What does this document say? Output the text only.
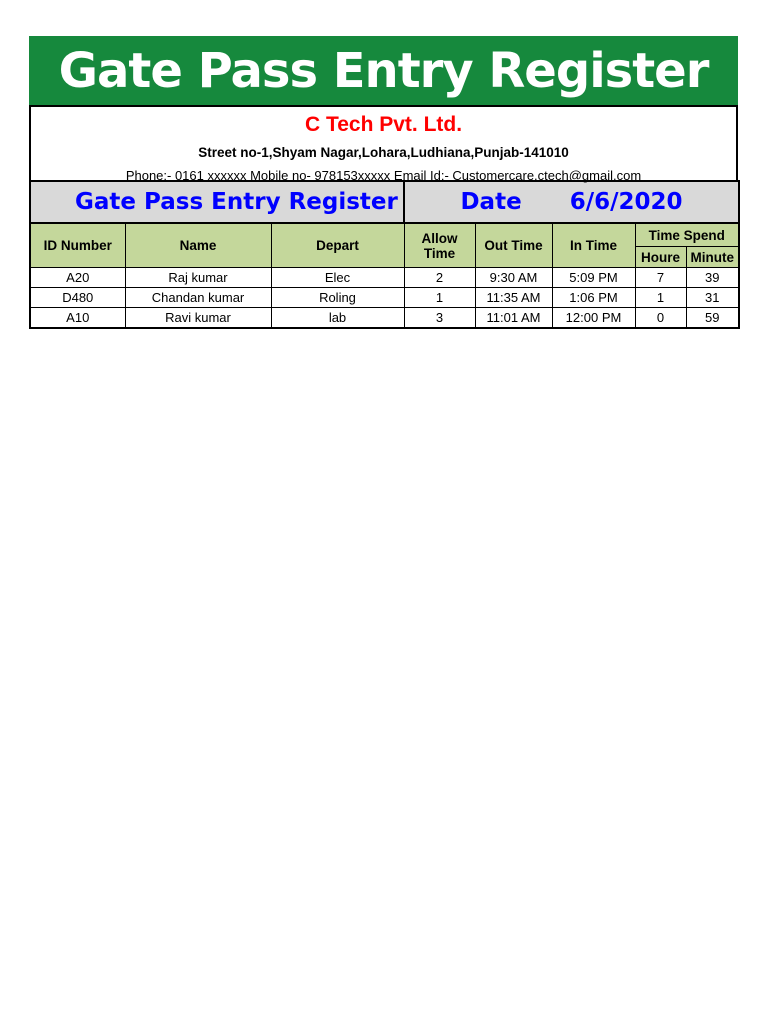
Gate Pass Entry Register
C Tech Pvt. Ltd.
Street no-1,Shyam Nagar,Lohara,Ludhiana,Punjab-141010
Phone:- 0161 xxxxxx Mobile no- 978153xxxxx Email Id:- Customercare.ctech@gmail.com
Gate Pass Entry Register			Date 6/6/2020				
ID Number	Name	Depart	Allow Time	Out Time	In Time	Time Spend	
						Houre	Minute
A20	Raj kumar	Elec	2	9:30 AM	5:09 PM	7	39
D480	Chandan kumar	Roling	1	11:35 AM	1:06 PM	1	31
A10	Ravi kumar	lab	3	11:01 AM	12:00 PM	0	59
